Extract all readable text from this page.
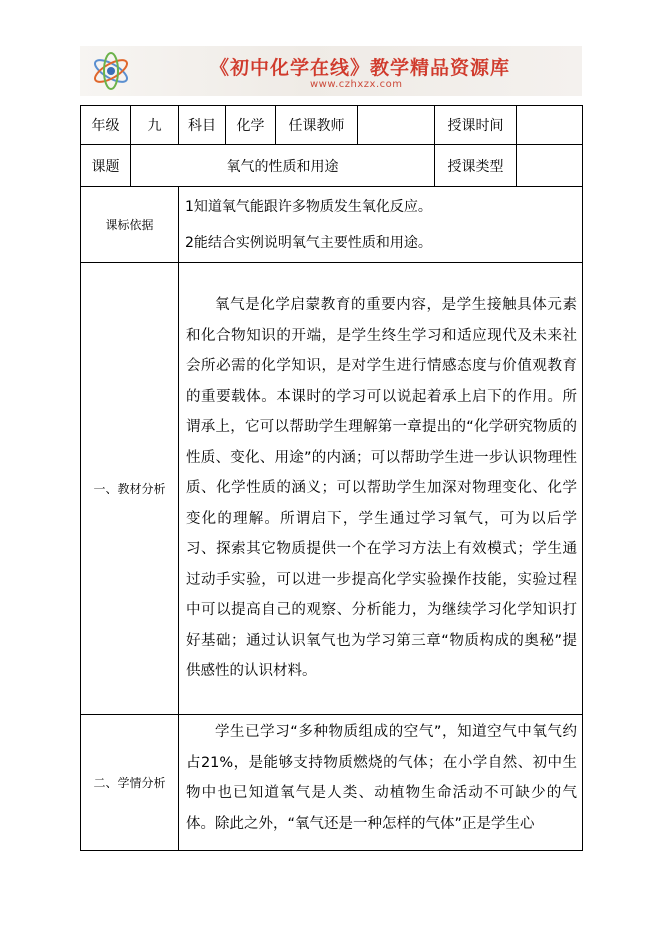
《初中化学在线》教学精品资源库
www.czhxzx.com
年级	九	科目	化学	任课教师		授课时间	
课题	氧气的性质和用途					授课类型	
课标依据		1知道氧气能跟许多物质发生氧化反应。
2能结合实例说明氧气主要性质和用途。					

一、教材分析		氧气是化学启蒙教育的重要内容，是学生接触具体元素和化合物知识的开端，是学生终生学习和适应现代及未来社会所必需的化学知识，是对学生进行情感态度与价值观教育的重要载体。本课时的学习可以说起着承上启下的作用。所谓承上，它可以帮助学生理解第一章提出的“化学研究物质的性质、变化、用途”的内涵；可以帮助学生进一步认识物理性质、化学性质的涵义；可以帮助学生加深对物理变化、化学变化的理解。所谓启下，学生通过学习氧气，可为以后学习、探索其它物质提供一个在学习方法上有效模式；学生通过动手实验，可以进一步提高化学实验操作技能，实验过程中可以提高自己的观察、分析能力，为继续学习化学知识打好基础；通过认识氧气也为学习第三章“物质构成的奥秘”提供感性的认识材料。					

二、学情分析		学生已学习“多种物质组成的空气”，知道空气中氧气约占21%，是能够支持物质燃烧的气体；在小学自然、初中生物中也已知道氧气是人类、动植物生命活动不可缺少的气体。除此之外，“氧气还是一种怎样的气体”正是学生心					
